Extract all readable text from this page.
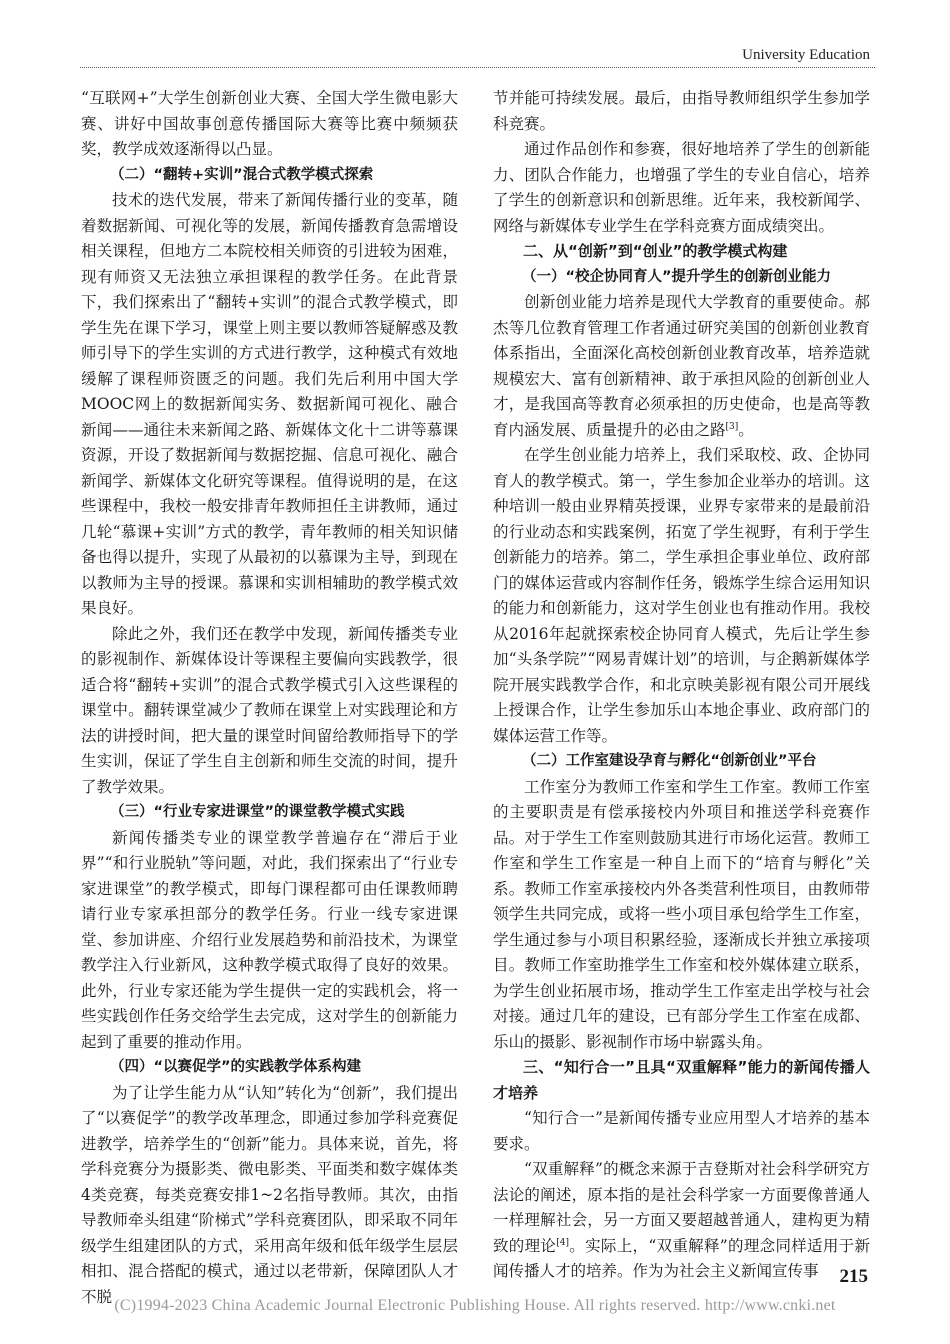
University Education

“互联网+”大学生创新创业大赛、全国大学生微电影大赛、讲好中国故事创意传播国际大赛等比赛中频频获奖，教学成效逐渐得以凸显。

（二）“翻转+实训”混合式教学模式探索

技术的迭代发展，带来了新闻传播行业的变革，随着数据新闻、可视化等的发展，新闻传播教育急需增设相关课程，但地方二本院校相关师资的引进较为困难，现有师资又无法独立承担课程的教学任务。在此背景下，我们探索出了“翻转+实训”的混合式教学模式，即学生先在课下学习，课堂上则主要以教师答疑解惑及教师引导下的学生实训的方式进行教学，这种模式有效地缓解了课程师资匮乏的问题。我们先后利用中国大学MOOC网上的数据新闻实务、数据新闻可视化、融合新闻——通往未来新闻之路、新媒体文化十二讲等慕课资源，开设了数据新闻与数据挖掘、信息可视化、融合新闻学、新媒体文化研究等课程。值得说明的是，在这些课程中，我校一般安排青年教师担任主讲教师，通过几轮“慕课+实训”方式的教学，青年教师的相关知识储备也得以提升，实现了从最初的以慕课为主导，到现在以教师为主导的授课。慕课和实训相辅助的教学模式效果良好。

除此之外，我们还在教学中发现，新闻传播类专业的影视制作、新媒体设计等课程主要偏向实践教学，很适合将“翻转+实训”的混合式教学模式引入这些课程的课堂中。翻转课堂减少了教师在课堂上对实践理论和方法的讲授时间，把大量的课堂时间留给教师指导下的学生实训，保证了学生自主创新和师生交流的时间，提升了教学效果。

（三）“行业专家进课堂”的课堂教学模式实践

新闻传播类专业的课堂教学普遍存在“滞后于业界”“和行业脱轨”等问题，对此，我们探索出了“行业专家进课堂”的教学模式，即每门课程都可由任课教师聘请行业专家承担部分的教学任务。行业一线专家进课堂、参加讲座、介绍行业发展趋势和前沿技术，为课堂教学注入行业新风，这种教学模式取得了良好的效果。此外，行业专家还能为学生提供一定的实践机会，将一些实践创作任务交给学生去完成，这对学生的创新能力起到了重要的推动作用。

（四）“以赛促学”的实践教学体系构建

为了让学生能力从“认知”转化为“创新”，我们提出了“以赛促学”的教学改革理念，即通过参加学科竞赛促进教学，培养学生的“创新”能力。具体来说，首先，将学科竞赛分为摄影类、微电影类、平面类和数字媒体类4类竞赛，每类竞赛安排1~2名指导教师。其次，由指导教师牵头组建“阶梯式”学科竞赛团队，即采取不同年级学生组建团队的方式，采用高年级和低年级学生层层相扣、混合搭配的模式，通过以老带新，保障团队人才不脱

节并能可持续发展。最后，由指导教师组织学生参加学科竞赛。

通过作品创作和参赛，很好地培养了学生的创新能力、团队合作能力，也增强了学生的专业自信心，培养了学生的创新意识和创新思维。近年来，我校新闻学、网络与新媒体专业学生在学科竞赛方面成绩突出。

二、从“创新”到“创业”的教学模式构建
（一）“校企协同育人”提升学生的创新创业能力

创新创业能力培养是现代大学教育的重要使命。郝杰等几位教育管理工作者通过研究美国的创新创业教育体系指出，全面深化高校创新创业教育改革，培养造就规模宏大、富有创新精神、敢于承担风险的创新创业人才，是我国高等教育必须承担的历史使命，也是高等教育内涵发展、质量提升的必由之路[3]。

在学生创业能力培养上，我们采取校、政、企协同育人的教学模式。第一，学生参加企业举办的培训。这种培训一般由业界精英授课，业界专家带来的是最前沿的行业动态和实践案例，拓宽了学生视野，有利于学生创新能力的培养。第二，学生承担企事业单位、政府部门的媒体运营或内容制作任务，锻炼学生综合运用知识的能力和创新能力，这对学生创业也有推动作用。我校从2016年起就探索校企协同育人模式，先后让学生参加“头条学院”“网易青媒计划”的培训，与企鹅新媒体学院开展实践教学合作，和北京映美影视有限公司开展线上授课合作，让学生参加乐山本地企事业、政府部门的媒体运营工作等。

（二）工作室建设孕育与孵化“创新创业”平台

工作室分为教师工作室和学生工作室。教师工作室的主要职责是有偿承接校内外项目和推送学科竞赛作品。对于学生工作室则鼓励其进行市场化运营。教师工作室和学生工作室是一种自上而下的“培育与孵化”关系。教师工作室承接校内外各类营利性项目，由教师带领学生共同完成，或将一些小项目承包给学生工作室，学生通过参与小项目积累经验，逐渐成长并独立承接项目。教师工作室助推学生工作室和校外媒体建立联系，为学生创业拓展市场，推动学生工作室走出学校与社会对接。通过几年的建设，已有部分学生工作室在成都、乐山的摄影、影视制作市场中崭露头角。

三、“知行合一”且具“双重解释”能力的新闻传播人才培养

“知行合一”是新闻传播专业应用型人才培养的基本要求。

“双重解释”的概念来源于吉登斯对社会科学研究方法论的阐述，原本指的是社会科学家一方面要像普通人一样理解社会，另一方面又要超越普通人，建构更为精致的理论[4]。实际上，“双重解释”的理念同样适用于新闻传播人才的培养。作为为社会主义新闻宣传事	215
(C)1994-2023 China Academic Journal Electronic Publishing House. All rights reserved. http://www.cnki.net
